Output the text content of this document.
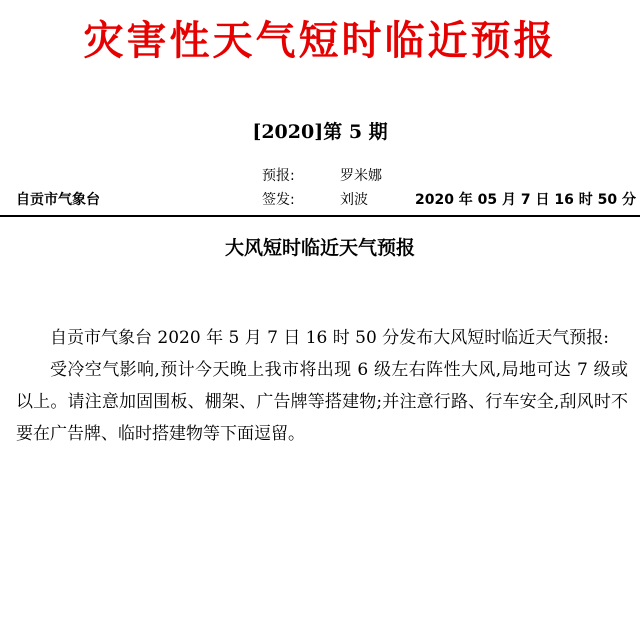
灾害性天气短时临近预报
[2020]第 5 期
预报:	罗米娜
签发:	刘波
自贡市气象台	2020 年 05 月 7 日 16 时 50 分
大风短时临近天气预报

自贡市气象台 2020 年 5 月 7 日 16 时 50 分发布大风短时临近天气预报:

受冷空气影响,预计今天晚上我市将出现 6 级左右阵性大风,局地可达 7 级或以上。请注意加固围板、棚架、广告牌等搭建物;并注意行路、行车安全,刮风时不要在广告牌、临时搭建物等下面逗留。
